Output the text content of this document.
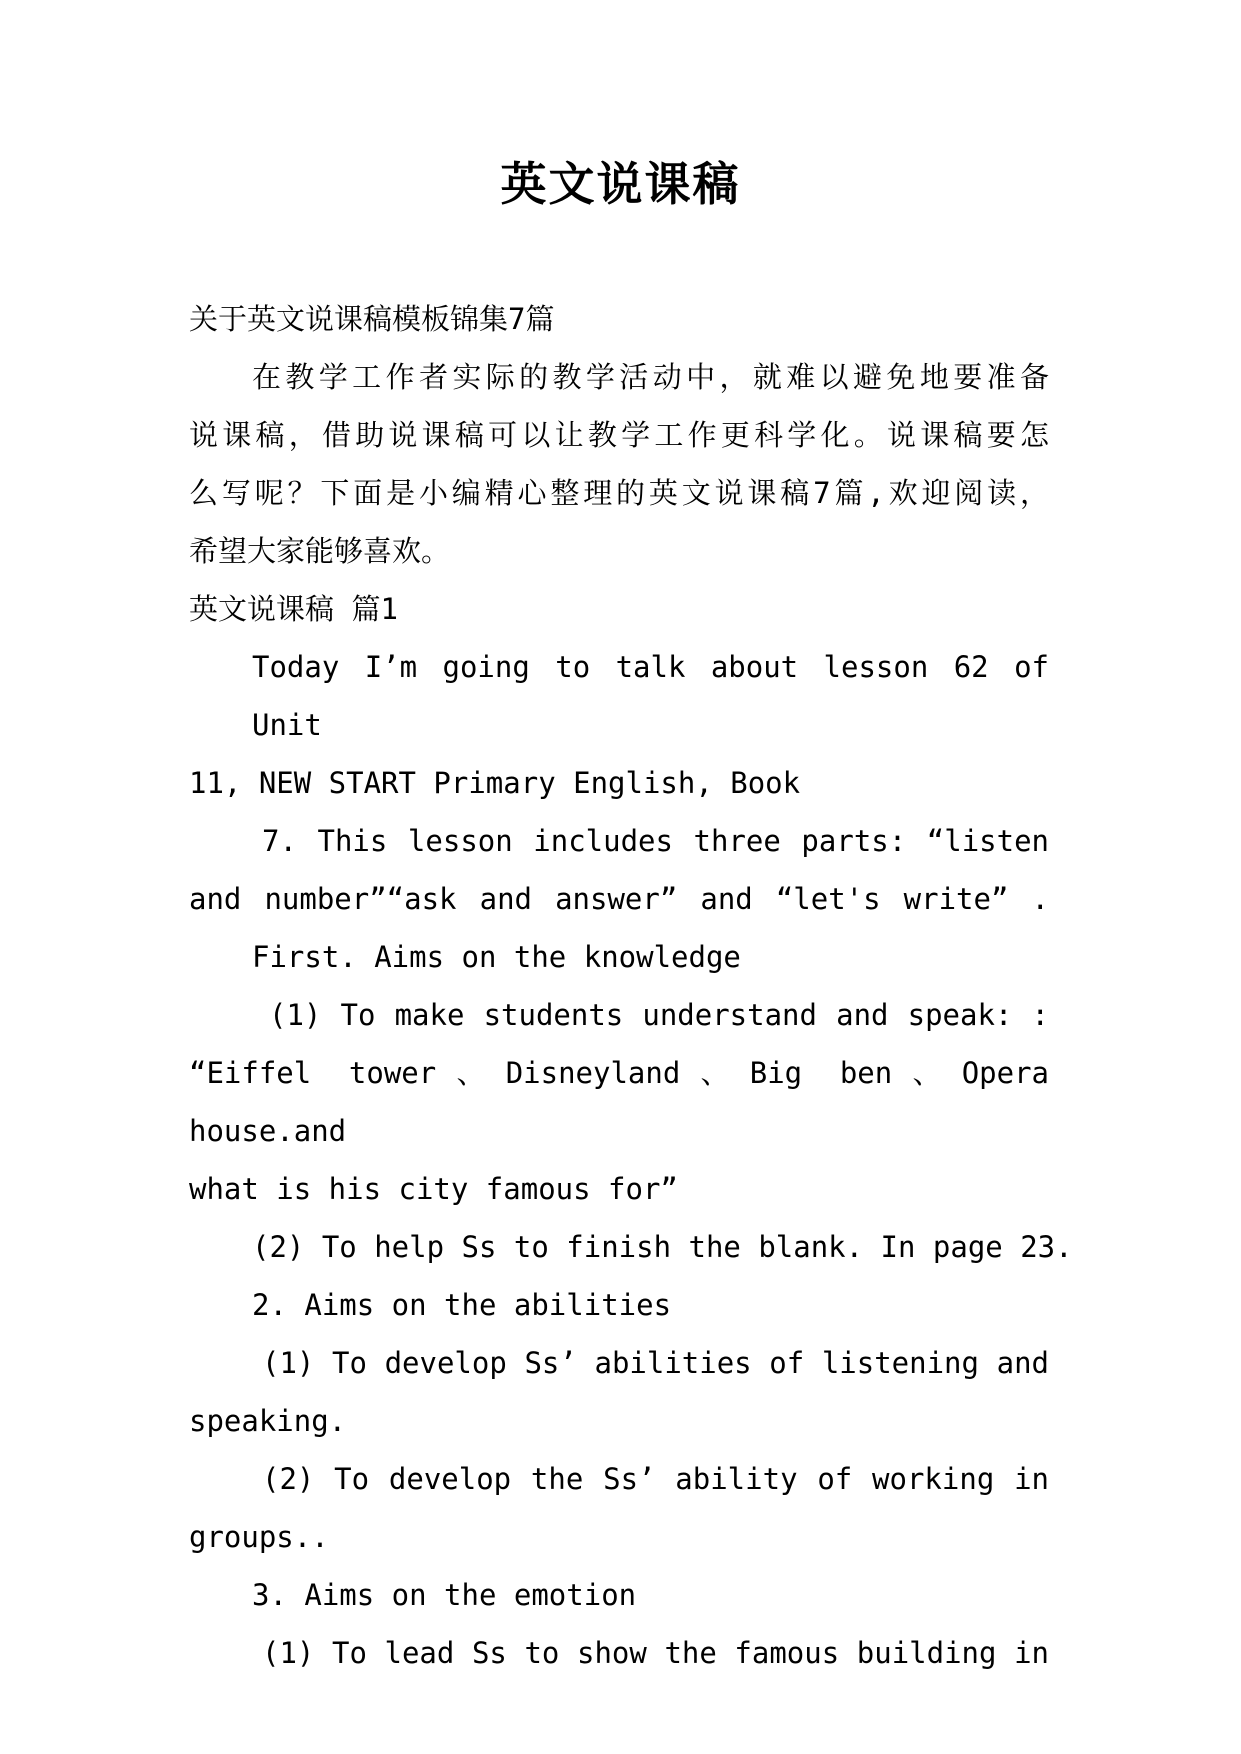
英文说课稿
关于英文说课稿模板锦集7篇
在教学工作者实际的教学活动中，就难以避免地要准备
说课稿，借助说课稿可以让教学工作更科学化。说课稿要怎
么写呢？下面是小编精心整理的英文说课稿7篇,欢迎阅读，
希望大家能够喜欢。
英文说课稿 篇1
Today I’m going to talk about lesson 62 of Unit
11, NEW START Primary English, Book
7. This lesson includes three parts: “listen
and number”“ask and answer” and “let's write” .
First. Aims on the knowledge
(1) To make students understand and speak: :
“Eiffel tower、Disneyland、Big ben、Opera house.and
what is his city famous for”
(2) To help Ss to finish the blank. In page 23.
2. Aims on the abilities
(1) To develop Ss’ abilities of listening and
speaking.
(2) To develop the Ss’ ability of working in
groups..
3. Aims on the emotion
(1) To lead Ss to show the famous building in
